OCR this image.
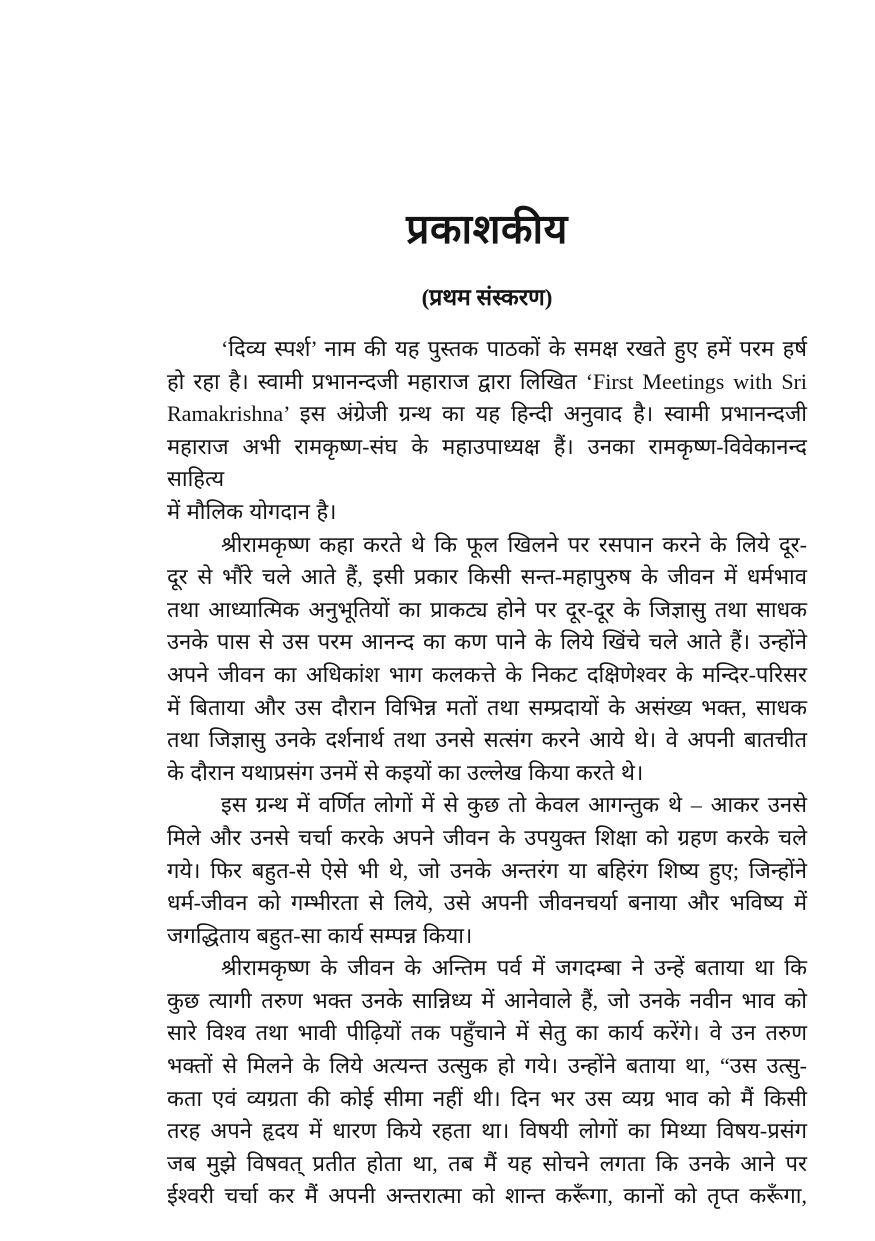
प्रकाशकीय
(प्रथम संस्करण)
‘दिव्य स्पर्श’ नाम की यह पुस्तक पाठकों के समक्ष रखते हुए हमें परम हर्ष
हो रहा है। स्वामी प्रभानन्दजी महाराज द्वारा लिखित ‘First Meetings with Sri
Ramakrishna’ इस अंग्रेजी ग्रन्थ का यह हिन्दी अनुवाद है। स्वामी प्रभानन्दजी
महाराज अभी रामकृष्ण-संघ के महाउपाध्यक्ष हैं। उनका रामकृष्ण-विवेकानन्द साहित्य
में मौलिक योगदान है।
श्रीरामकृष्ण कहा करते थे कि फूल खिलने पर रसपान करने के लिये दूर-
दूर से भौंरे चले आते हैं, इसी प्रकार किसी सन्त-महापुरुष के जीवन में धर्मभाव
तथा आध्यात्मिक अनुभूतियों का प्राकट्य होने पर दूर-दूर के जिज्ञासु तथा साधक
उनके पास से उस परम आनन्द का कण पाने के लिये खिंचे चले आते हैं। उन्होंने
अपने जीवन का अधिकांश भाग कलकत्ते के निकट दक्षिणेश्वर के मन्दिर-परिसर
में बिताया और उस दौरान विभिन्न मतों तथा सम्प्रदायों के असंख्य भक्त, साधक
तथा जिज्ञासु उनके दर्शनार्थ तथा उनसे सत्संग करने आये थे। वे अपनी बातचीत
के दौरान यथाप्रसंग उनमें से कइयों का उल्लेख किया करते थे।
इस ग्रन्थ में वर्णित लोगों में से कुछ तो केवल आगन्तुक थे – आकर उनसे
मिले और उनसे चर्चा करके अपने जीवन के उपयुक्त शिक्षा को ग्रहण करके चले
गये। फिर बहुत-से ऐसे भी थे, जो उनके अन्तरंग या बहिरंग शिष्य हुए; जिन्होंने
धर्म-जीवन को गम्भीरता से लिये, उसे अपनी जीवनचर्या बनाया और भविष्य में
जगद्धिताय बहुत-सा कार्य सम्पन्न किया।
श्रीरामकृष्ण के जीवन के अन्तिम पर्व में जगदम्बा ने उन्हें बताया था कि
कुछ त्यागी तरुण भक्त उनके सान्निध्य में आनेवाले हैं, जो उनके नवीन भाव को
सारे विश्व तथा भावी पीढ़ियों तक पहुँचाने में सेतु का कार्य करेंगे। वे उन तरुण
भक्तों से मिलने के लिये अत्यन्त उत्सुक हो गये। उन्होंने बताया था, “उस उत्सु-
कता एवं व्यग्रता की कोई सीमा नहीं थी। दिन भर उस व्यग्र भाव को मैं किसी
तरह अपने हृदय में धारण किये रहता था। विषयी लोगों का मिथ्या विषय-प्रसंग
जब मुझे विषवत् प्रतीत होता था, तब मैं यह सोचने लगता कि उनके आने पर
ईश्वरी चर्चा कर मैं अपनी अन्तरात्मा को शान्त करूँगा, कानों को तृप्त करूँगा,
